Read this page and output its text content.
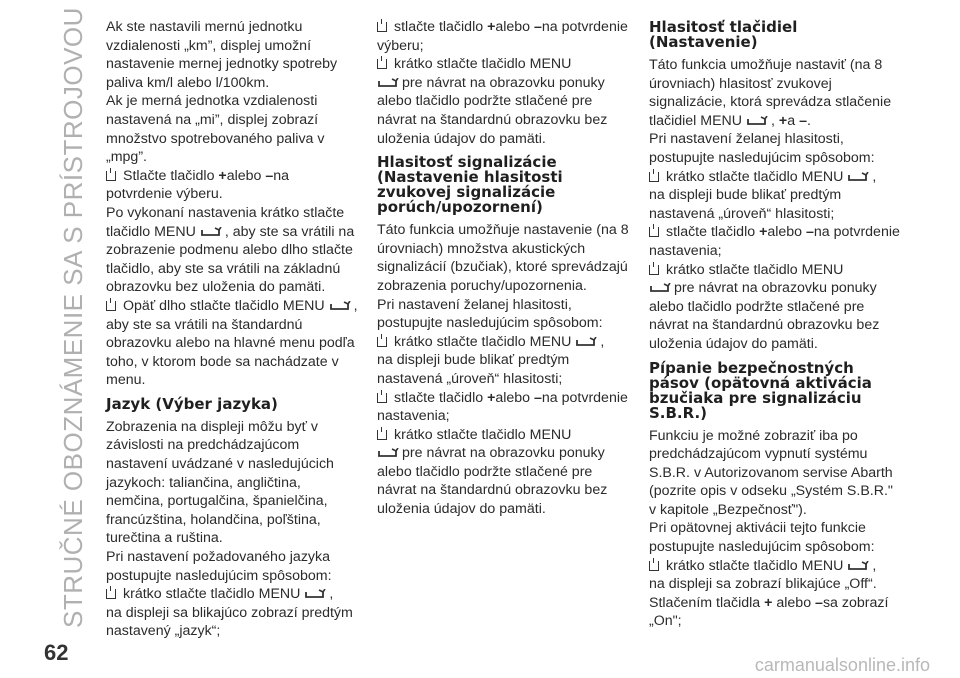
STRUČNÉ OBOZNÁMENIE SA S PRÍSTROJOVOU
62	carmanualsonline.info

Ak ste nastavili mernú jednotku vzdialenosti „km”, displej umožní nastavenie mernej jednotky spotreby paliva km/l alebo l/100km.

Ak je merná jednotka vzdialenosti nastavená na „mi”, displej zobrazí množstvo spotrebovaného paliva v „mpg”.

Stlačte tlačidlo +alebo –na potvrdenie výberu.

Po vykonaní nastavenia krátko stlačte tlačidlo MENU , aby ste sa vrátili na zobrazenie podmenu alebo dlho stlačte tlačidlo, aby ste sa vrátili na základnú obrazovku bez uloženia do pamäti.

Opäť dlho stlačte tlačidlo MENU , aby ste sa vrátili na štandardnú obrazovku alebo na hlavné menu podľa toho, v ktorom bode sa nachádzate v menu.

Jazyk (Výber jazyka)

Zobrazenia na displeji môžu byť v závislosti na predchádzajúcom nastavení uvádzané v nasledujúcich jazykoch: taliančina, angličtina, nemčina, portugalčina, španielčina, francúzština, holandčina, poľština, turečtina a ruština.

Pri nastavení požadovaného jazyka postupujte nasledujúcim spôsobom:

krátko stlačte tlačidlo MENU ,

na displeji sa blikajúco zobrazí predtým nastavený „jazyk“;

stlačte tlačidlo +alebo –na potvrdenie výberu;

krátko stlačte tlačidlo MENU
pre návrat na obrazovku ponuky alebo tlačidlo podržte stlačené pre návrat na štandardnú obrazovku bez uloženia údajov do pamäti.

Hlasitosť signalizácie (Nastavenie hlasitosti zvukovej signalizácie porúch/upozornení)

Táto funkcia umožňuje nastavenie (na 8 úrovniach) množstva akustických signalizácií (bzučiak), ktoré sprevádzajú zobrazenia poruchy/upozornenia.

Pri nastavení želanej hlasitosti, postupujte nasledujúcim spôsobom:

krátko stlačte tlačidlo MENU ,

na displeji bude blikať predtým nastavená „úroveň“ hlasitosti;

stlačte tlačidlo +alebo –na potvrdenie nastavenia;

krátko stlačte tlačidlo MENU
pre návrat na obrazovku ponuky alebo tlačidlo podržte stlačené pre návrat na štandardnú obrazovku bez uloženia údajov do pamäti.

Hlasitosť tlačidiel (Nastavenie)

Táto funkcia umožňuje nastaviť (na 8 úrovniach) hlasitosť zvukovej signalizácie, ktorá sprevádza stlačenie tlačidiel MENU , +a –.

Pri nastavení želanej hlasitosti, postupujte nasledujúcim spôsobom:

krátko stlačte tlačidlo MENU ,

na displeji bude blikať predtým nastavená „úroveň“ hlasitosti;

stlačte tlačidlo +alebo –na potvrdenie nastavenia;

krátko stlačte tlačidlo MENU
pre návrat na obrazovku ponuky alebo tlačidlo podržte stlačené pre návrat na štandardnú obrazovku bez uloženia údajov do pamäti.

Pípanie bezpečnostných pásov (opätovná aktivácia bzučiaka pre signalizáciu S.B.R.)

Funkciu je možné zobraziť iba po predchádzajúcom vypnutí systému S.B.R. v Autorizovanom servise Abarth (pozrite opis v odseku „Systém S.B.R." v kapitole „Bezpečnosť").

Pri opätovnej aktivácii tejto funkcie postupujte nasledujúcim spôsobom:

krátko stlačte tlačidlo MENU ,

na displeji sa zobrazí blikajúce „Off“. Stlačením tlačidla + alebo –sa zobrazí „On";
